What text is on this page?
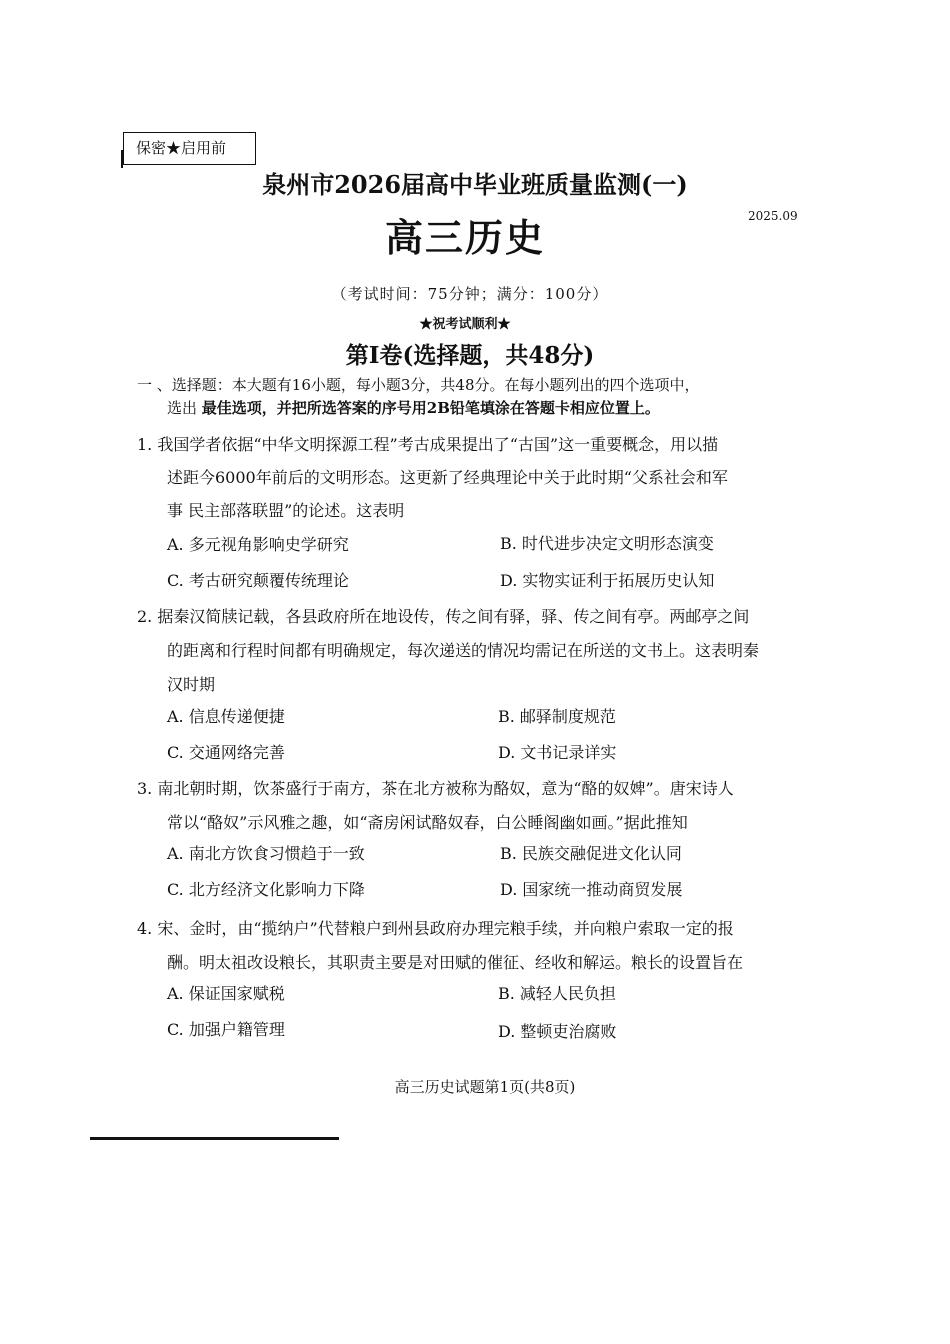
保密★启用前
泉州市2026届高中毕业班质量监测(一)
2025.09
高三历史
（考试时间：75分钟；满分：100分）
★祝考试顺利★
第I卷(选择题，共48分)
一 、选择题：本大题有16小题，每小题3分，共48分。在每小题列出的四个选项中，
选出 最佳选项，并把所选答案的序号用2B铅笔填涂在答题卡相应位置上。
1. 我国学者依据“中华文明探源工程”考古成果提出了“古国”这一重要概念，用以描
述距今6000年前后的文明形态。这更新了经典理论中关于此时期“父系社会和军
事 民主部落联盟”的论述。这表明
A. 多元视角影响史学研究	B. 时代进步决定文明形态演变
C. 考古研究颠覆传统理论	D. 实物实证利于拓展历史认知
2. 据秦汉简牍记载，各县政府所在地设传，传之间有驿，驿、传之间有亭。两邮亭之间
的距离和行程时间都有明确规定，每次递送的情况均需记在所送的文书上。这表明秦
汉时期
A. 信息传递便捷	B. 邮驿制度规范
C. 交通网络完善	D. 文书记录详实
3. 南北朝时期，饮茶盛行于南方，茶在北方被称为酪奴，意为“酪的奴婢”。唐宋诗人
常以“酪奴”示风雅之趣，如“斋房闲试酪奴春，白公睡阁幽如画。”据此推知
A. 南北方饮食习惯趋于一致	B. 民族交融促进文化认同
C. 北方经济文化影响力下降	D. 国家统一推动商贸发展
4. 宋、金时，由“揽纳户”代替粮户到州县政府办理完粮手续，并向粮户索取一定的报
酬。明太祖改设粮长，其职责主要是对田赋的催征、经收和解运。粮长的设置旨在
A. 保证国家赋税	B. 减轻人民负担
C. 加强户籍管理	D. 整顿吏治腐败
高三历史试题第1页(共8页)
